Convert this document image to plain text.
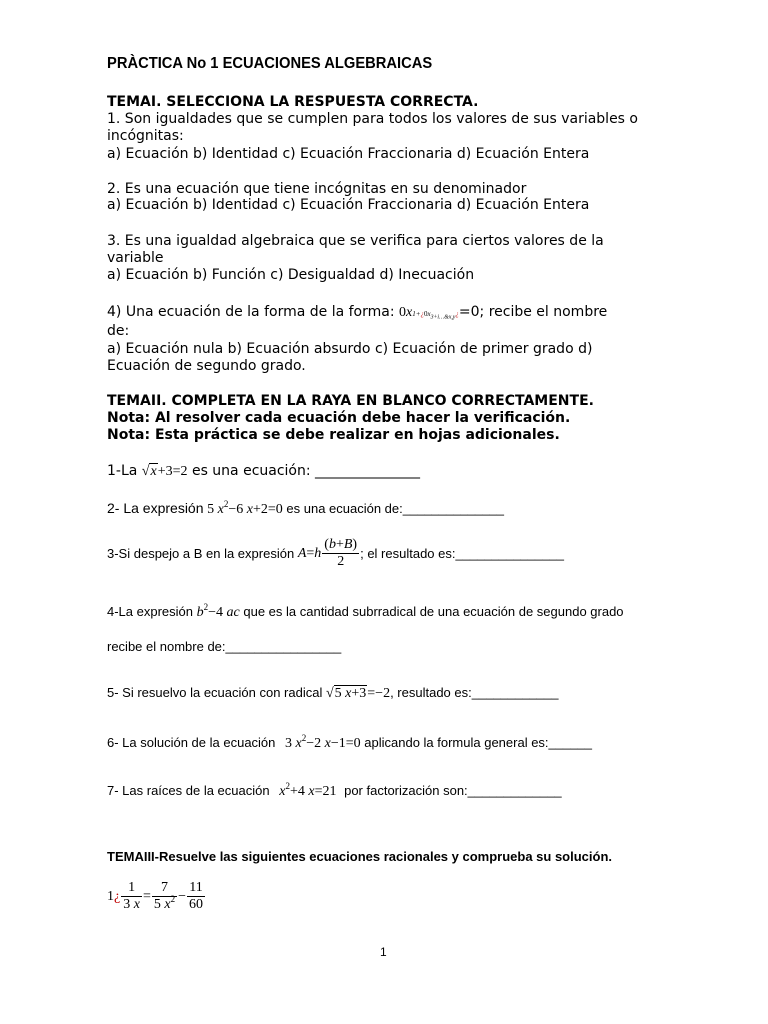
PRÀCTICA No 1 ECUACIONES ALGEBRAICAS
TEMAI. SELECCIONA LA RESPUESTA CORRECTA.
1. Son igualdades que se cumplen para todos los valores de sus variables o
incógnitas:
a) Ecuación b) Identidad c) Ecuación Fraccionaria d) Ecuación Entera
2. Es una ecuación que tiene incógnitas en su denominador
a) Ecuación b) Identidad c) Ecuación Fraccionaria d) Ecuación Entera
3. Es una igualdad algebraica que se verifica para ciertos valores de la
variable
a) Ecuación b) Función c) Desigualdad d) Inecuación
4) Una ecuación de la forma de la forma: $0x1+¿0x_{3+i\dots\&x,y}¿=0$; recibe el nombre
de:
a) Ecuación nula b) Ecuación absurdo c) Ecuación de primer grado d)
Ecuación de segundo grado.
TEMAII. COMPLETA EN LA RAYA EN BLANCO CORRECTAMENTE.
Nota: Al resolver cada ecuación debe hacer la verificación.
Nota: Esta práctica se debe realizar en hojas adicionales.
1-La √x+3=2 es una ecuación: _______________
2- La expresión 5 $x^2-6$ x+2=0 es una ecuación de:______________
3-Si despejo a B en la expresión $A=h \frac{(b+B)}{2}$ ; el resultado es:_______________
4-La expresión $b^2-4$ ac que es la cantidad subrradical de una ecuación de segundo grado
recibe el nombre de:________________
5- Si resuelvo la ecuación con radical √5 x+3=−2, resultado es:____________
6- La solución de la ecuación 3 $x^2-2$ x−1=0 aplicando la formula general es:______
7- Las raíces de la ecuación $x^2+4$ x=21 por factorización son:_____________
TEMAIII-Resuelve las siguientes ecuaciones racionales y comprueba su solución.
1¿ $\frac{1}{3 x} = \frac{7}{5 x^2} - \frac{11}{60}$
1
